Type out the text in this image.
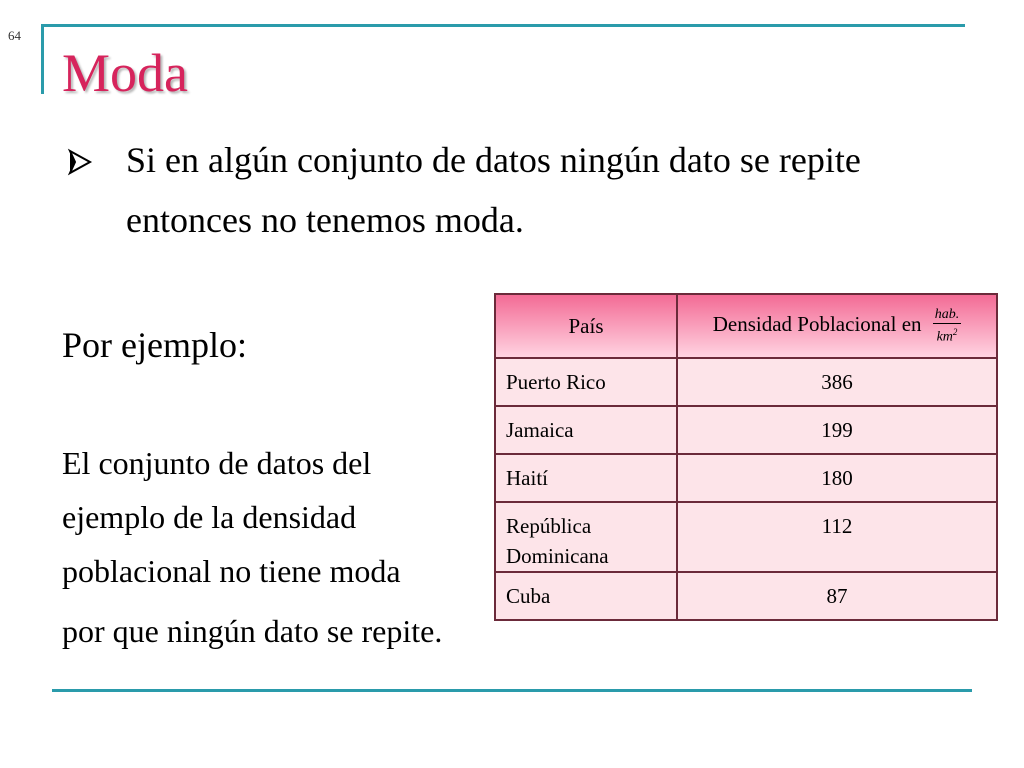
64
Moda
Si en algún conjunto de datos ningún dato se repite entonces no tenemos moda.
Por ejemplo:
El conjunto de datos del ejemplo de la densidad poblacional no tiene moda
por que ningún dato se repite.
País	Densidad Poblacional en $\frac{\text{hab.}}{km^2}$

Puerto Rico	386
Jamaica	199
Haití	180
República Dominicana	112
Cuba	87
